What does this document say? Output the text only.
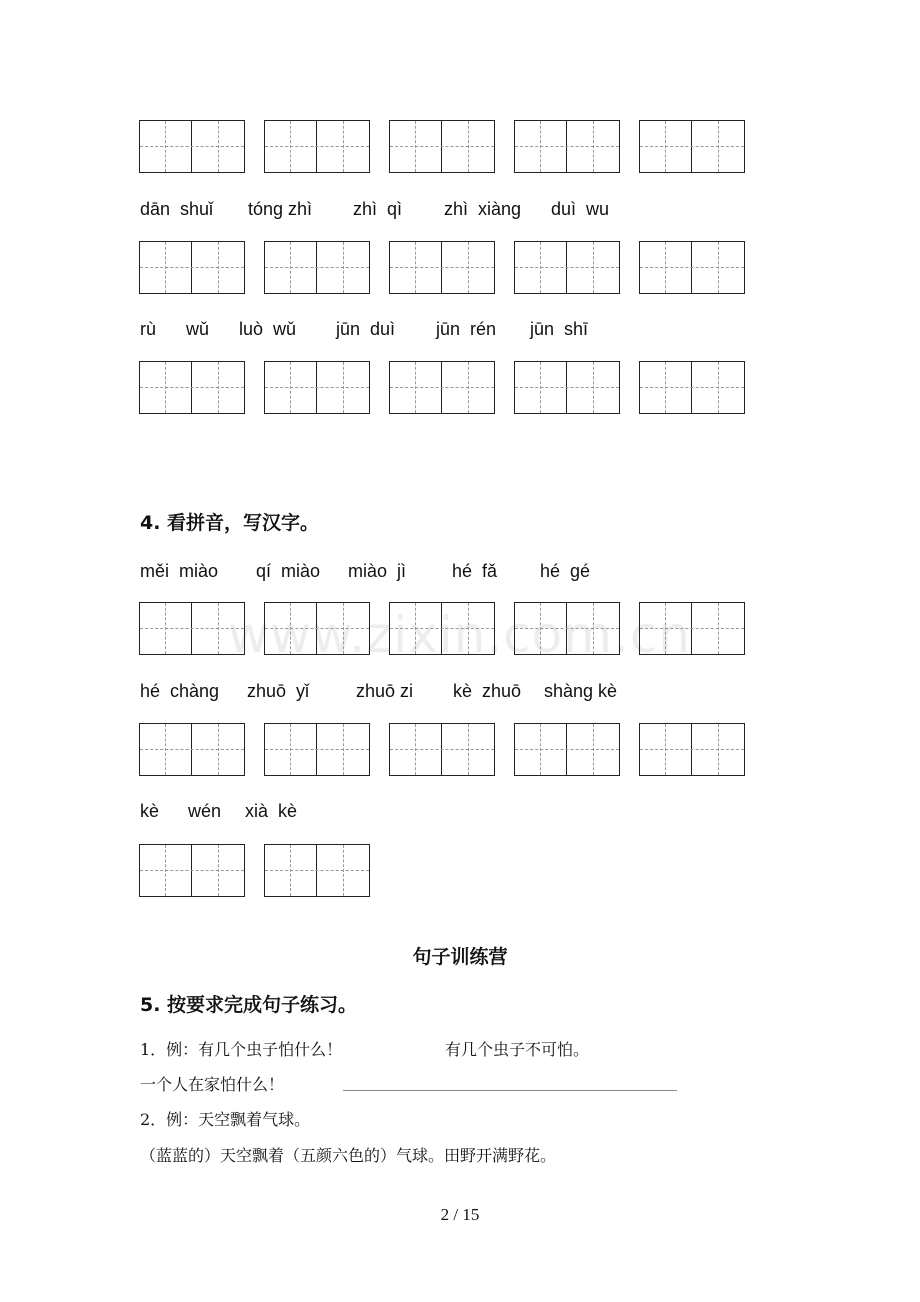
www.zixin.com.cn
dān  shuǐ tóng zhì zhì  qì zhì  xiàng duì  wu
rù wǔ luò  wǔ jūn  duì jūn  rén jūn  shī
4. 看拼音，写汉字。
měi  miào qí  miào miào  jì	hé  fǎ hé  gé
hé  chàng zhuō  yǐ	zhuō zi kè  zhuō shàng kè
kè wén xià  kè
句子训练营
5. 按要求完成句子练习。
1．例：有几个虫子怕什么！	有几个虫子不可怕。
一个人在家怕什么！
2．例：天空飘着气球。
（蓝蓝的）天空飘着（五颜六色的）气球。田野开满野花。
2 / 15
